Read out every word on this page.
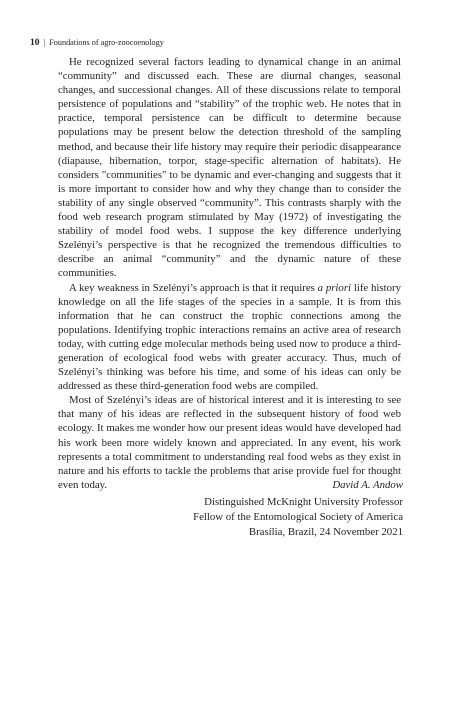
10 | Foundations of agro-zoocoenology

He recognized several factors leading to dynamical change in an animal “community” and discussed each. These are diurnal changes, seasonal changes, and successional changes. All of these discussions relate to temporal persistence of populations and “stability” of the trophic web. He notes that in practice, temporal persistence can be difficult to determine because populations may be present below the detection threshold of the sampling method, and because their life history may require their periodic disappearance (diapause, hibernation, torpor, stage-specific alternation of habitats). He considers "communities" to be dynamic and ever-changing and suggests that it is more important to consider how and why they change than to consider the stability of any single observed “community”. This contrasts sharply with the food web research program stimulated by May (1972) of investigating the stability of model food webs. I suppose the key difference underlying Szelényi’s perspective is that he recognized the tremendous difficulties to describe an animal “community” and the dynamic nature of these communities.

A key weakness in Szelényi’s approach is that it requires a priori life history knowledge on all the life stages of the species in a sample. It is from this information that he can construct the trophic connections among the populations. Identifying trophic interactions remains an active area of research today, with cutting edge molecular methods being used now to produce a third-generation of ecological food webs with greater accuracy. Thus, much of Szelényi’s thinking was before his time, and some of his ideas can only be addressed as these third-generation food webs are compiled.

Most of Szelényi’s ideas are of historical interest and it is interesting to see that many of his ideas are reflected in the subsequent history of food web ecology. It makes me wonder how our present ideas would have developed had his work been more widely known and appreciated. In any event, his work represents a total commitment to understanding real food webs as they exist in nature and his efforts to tackle the problems that arise provide fuel for thought even today.	David A. Andow
Distinguished McKnight University Professor
Fellow of the Entomological Society of America
Brasília, Brazil, 24 November 2021
